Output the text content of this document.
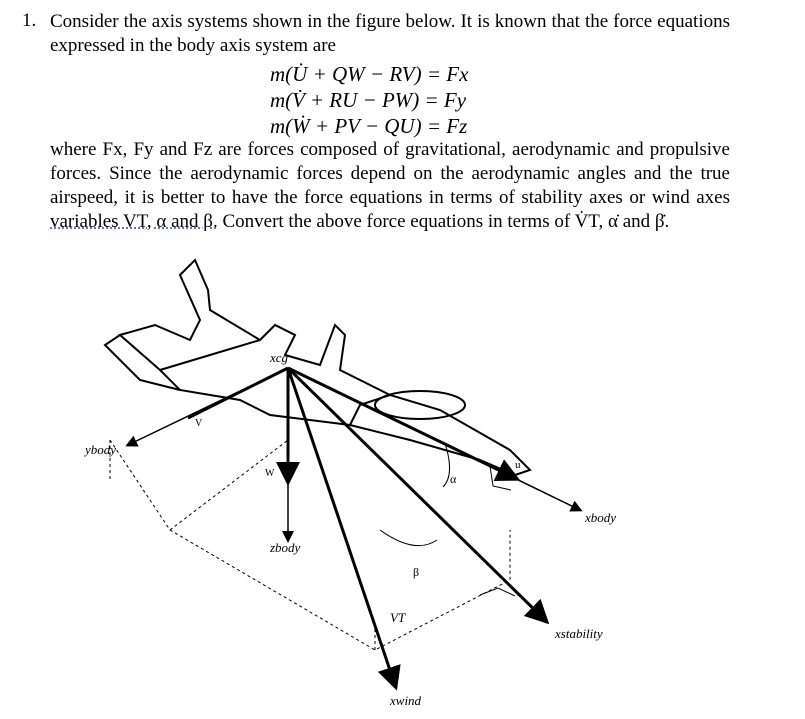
1. Consider the axis systems shown in the figure below. It is known that the force equations expressed in the body axis system are
m(U̇ + QW − RV) = Fx
m(V̇ + RU − PW) = Fy
m(Ẇ + PV − QU) = Fz
where Fx, Fy and Fz are forces composed of gravitational, aerodynamic and propulsive forces. Since the aerodynamic forces depend on the aerodynamic angles and the true airspeed, it is better to have the force equations in terms of stability axes or wind axes variables VT, α and β. Convert the above force equations in terms of V̇T, α̇ and β̇.
xcg
ybody
V
W
zbody
u
α
xbody
β
VT
xstability
xwind
